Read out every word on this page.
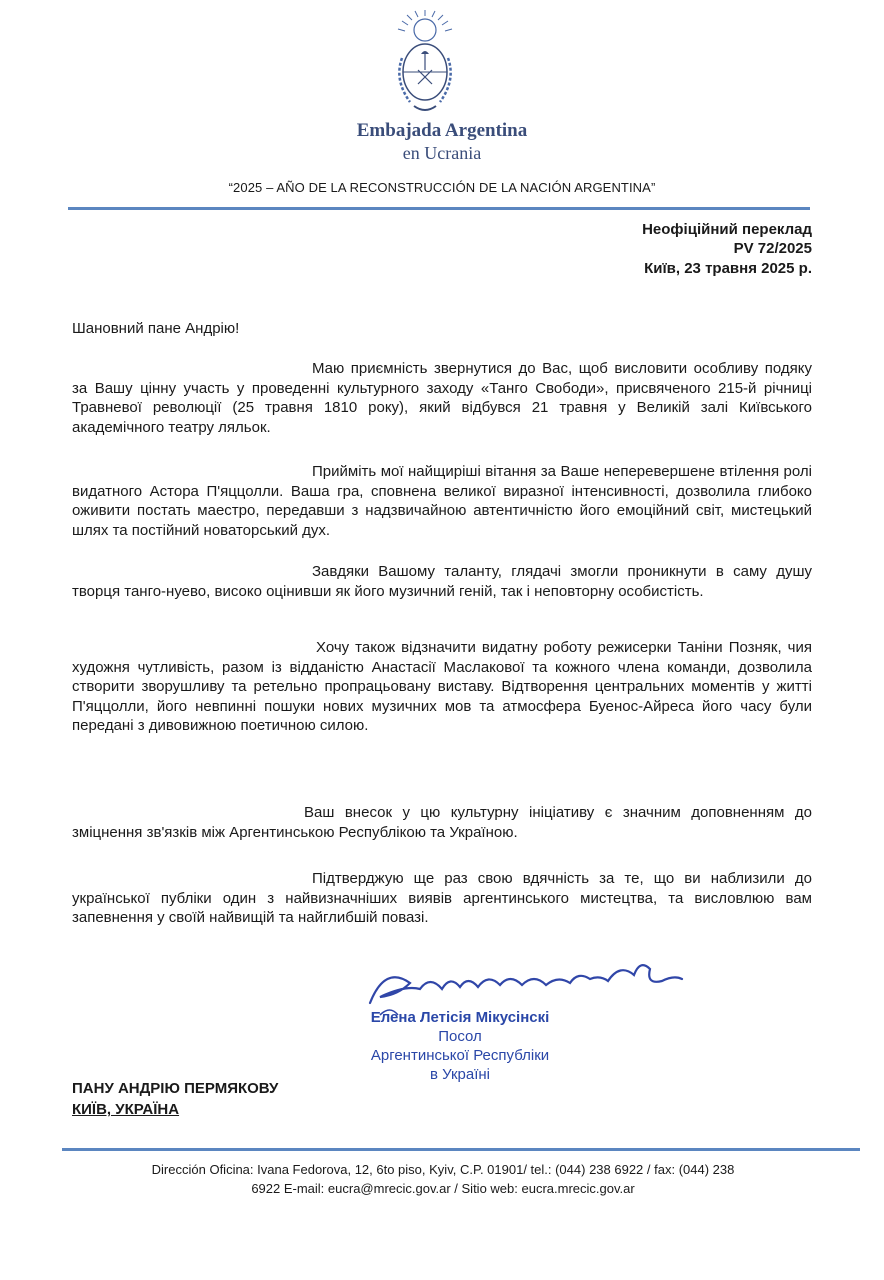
Embajada Argentina
en Ucrania
“2025 – AÑO DE LA RECONSTRUCCIÓN DE LA NACIÓN ARGENTINA”
Неофіційний переклад
PV 72/2025
Київ, 23 травня 2025 р.
Шановний пане Андрію!
Маю приємність звернутися до Вас, щоб висловити особливу подяку за Вашу цінну участь у проведенні культурного заходу «Танго Свободи», присвяченого 215-й річниці Травневої революції (25 травня 1810 року), який відбувся 21 травня у Великій залі Київського академічного театру ляльок.
Прийміть мої найщиріші вітання за Ваше неперевершене втілення ролі видатного Астора П'яццолли. Ваша гра, сповнена великої виразної інтенсивності, дозволила глибоко оживити постать маестро, передавши з надзвичайною автентичністю його емоційний світ, мистецький шлях та постійний новаторський дух.
Завдяки Вашому таланту, глядачі змогли проникнути в саму душу творця танго-нуево, високо оцінивши як його музичний геній, так і неповторну особистість.
Хочу також відзначити видатну роботу режисерки Таніни Позняк, чия художня чутливість, разом із відданістю Анастасії Маслакової та кожного члена команди, дозволила створити зворушливу та ретельно пропрацьовану виставу. Відтворення центральних моментів у житті П'яццолли, його невпинні пошуки нових музичних мов та атмосфера Буенос-Айреса його часу були передані з дивовижною поетичною силою.
Ваш внесок у цю культурну ініціативу є значним доповненням до зміцнення зв'язків між Аргентинською Республікою та Україною.
Підтверджую ще раз свою вдячність за те, що ви наблизили до української публіки один з найвизначніших виявів аргентинського мистецтва, та висловлюю вам запевнення у своїй найвищій та найглибшій повазі.
Елена Летісія Мікусінскі
Посол
Аргентинської Республіки
в Україні
ПАНУ АНДРІЮ ПЕРМЯКОВУ
КИЇВ, УКРАЇНА
Dirección Oficina: Ivana Fedorova, 12, 6to piso, Kyiv, C.P. 01901/ tel.: (044) 238 6922 / fax: (044) 238
6922 E-mail: eucra@mrecic.gov.ar / Sitio web: eucra.mrecic.gov.ar
